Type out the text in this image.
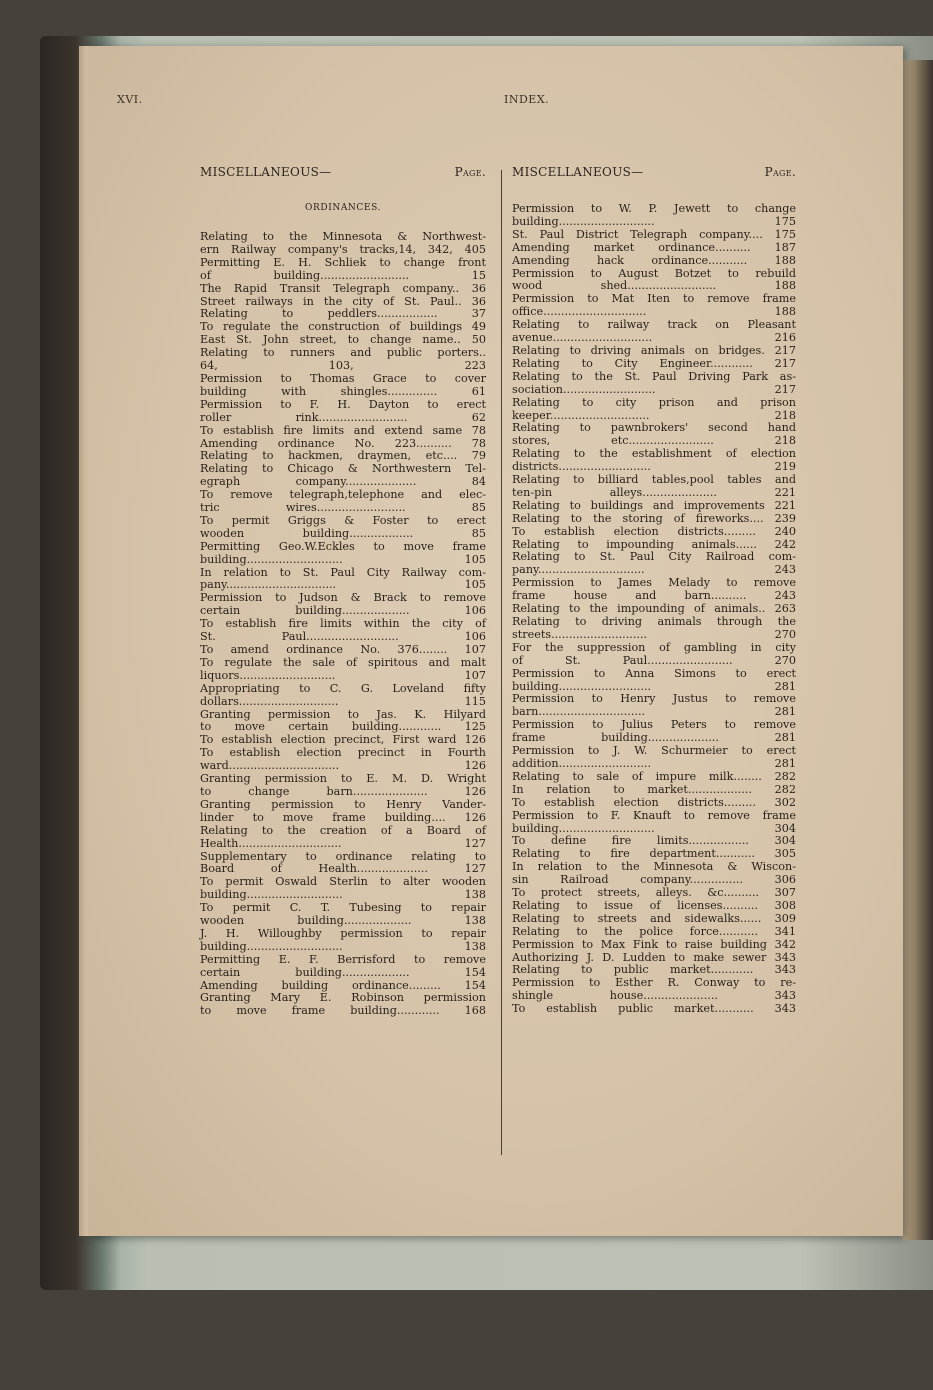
XVI.	INDEX.
MISCELLANEOUS—	Page.
ORDINANCES.
Relating to the Minnesota & Northwest-
ern Railway company's tracks,14, 342, 405
Permitting E. H. Schliek to change front
of building......................... 15
The Rapid Transit Telegraph company.. 36
Street railways in the city of St. Paul.. 36
Relating to peddlers................. 37
To regulate the construction of buildings 49
East St. John street, to change name.. 50
Relating to runners and public porters..
64, 103, 223
Permission to Thomas Grace to cover
building with shingles.............. 61
Permission to F. H. Dayton to erect
roller rink......................... 62
To establish fire limits and extend same 78
Amending ordinance No. 223.......... 78
Relating to hackmen, draymen, etc.... 79
Relating to Chicago & Northwestern Tel-
egraph company.................... 84
To remove telegraph,telephone and elec-
tric wires......................... 85
To permit Griggs & Foster to erect
wooden building.................. 85
Permitting Geo.W.Eckles to move frame
building........................... 105
In relation to St. Paul City Railway com-
pany............................... 105
Permission to Judson & Brack to remove
certain building................... 106
To establish fire limits within the city of
St. Paul.......................... 106
To amend ordinance No. 376........ 107
To regulate the sale of spiritous and malt
liquors........................... 107
Appropriating to C. G. Loveland fifty
dollars............................ 115
Granting permission to Jas. K. Hilyard
to move certain building............ 125
To establish election precinct, First ward 126
To establish election precinct in Fourth
ward............................... 126
Granting permission to E. M. D. Wright
to change barn..................... 126
Granting permission to Henry Vander-
linder to move frame building.... 126
Relating to the creation of a Board of
Health............................. 127
Supplementary to ordinance relating to
Board of Health.................... 127
To permit Oswald Sterlin to alter wooden
building........................... 138
To permit C. T. Tubesing to repair
wooden building................... 138
J. H. Willoughby permission to repair
building........................... 138
Permitting E. F. Berrisford to remove
certain building................... 154
Amending building ordinance......... 154
Granting Mary E. Robinson permission
to move frame building............ 168
MISCELLANEOUS—	Page.
Permission to W. P. Jewett to change
building........................... 175
St. Paul District Telegraph company.... 175
Amending market ordinance.......... 187
Amending hack ordinance........... 188
Permission to August Botzet to rebuild
wood shed......................... 188
Permission to Mat Iten to remove frame
office............................. 188
Relating to railway track on Pleasant
avenue............................ 216
Relating to driving animals on bridges. 217
Relating to City Engineer............ 217
Relating to the St. Paul Driving Park as-
sociation.......................... 217
Relating to city prison and prison
keeper............................ 218
Relating to pawnbrokers' second hand
stores, etc........................ 218
Relating to the establishment of election
districts.......................... 219
Relating to billiard tables,pool tables and
ten-pin alleys..................... 221
Relating to buildings and improvements 221
Relating to the storing of fireworks.... 239
To establish election districts......... 240
Relating to impounding animals...... 242
Relating to St. Paul City Railroad com-
pany.............................. 243
Permission to James Melady to remove
frame house and barn.......... 243
Relating to the impounding of animals.. 263
Relating to driving animals through the
streets........................... 270
For the suppression of gambling in city
of St. Paul........................ 270
Permission to Anna Simons to erect
building.......................... 281
Permission to Henry Justus to remove
barn.............................. 281
Permission to Julius Peters to remove
frame building.................... 281
Permission to J. W. Schurmeier to erect
addition.......................... 281
Relating to sale of impure milk........ 282
In relation to market.................. 282
To establish election districts......... 302
Permission to F. Knauft to remove frame
building........................... 304
To define fire limits................. 304
Relating to fire department........... 305
In relation to the Minnesota & Wiscon-
sin Railroad company............... 306
To protect streets, alleys. &c.......... 307
Relating to issue of licenses.......... 308
Relating to streets and sidewalks...... 309
Relating to the police force........... 341
Permission to Max Fink to raise building 342
Authorizing J. D. Ludden to make sewer 343
Relating to public market............ 343
Permission to Esther R. Conway to re-
shingle house..................... 343
To establish public market........... 343
